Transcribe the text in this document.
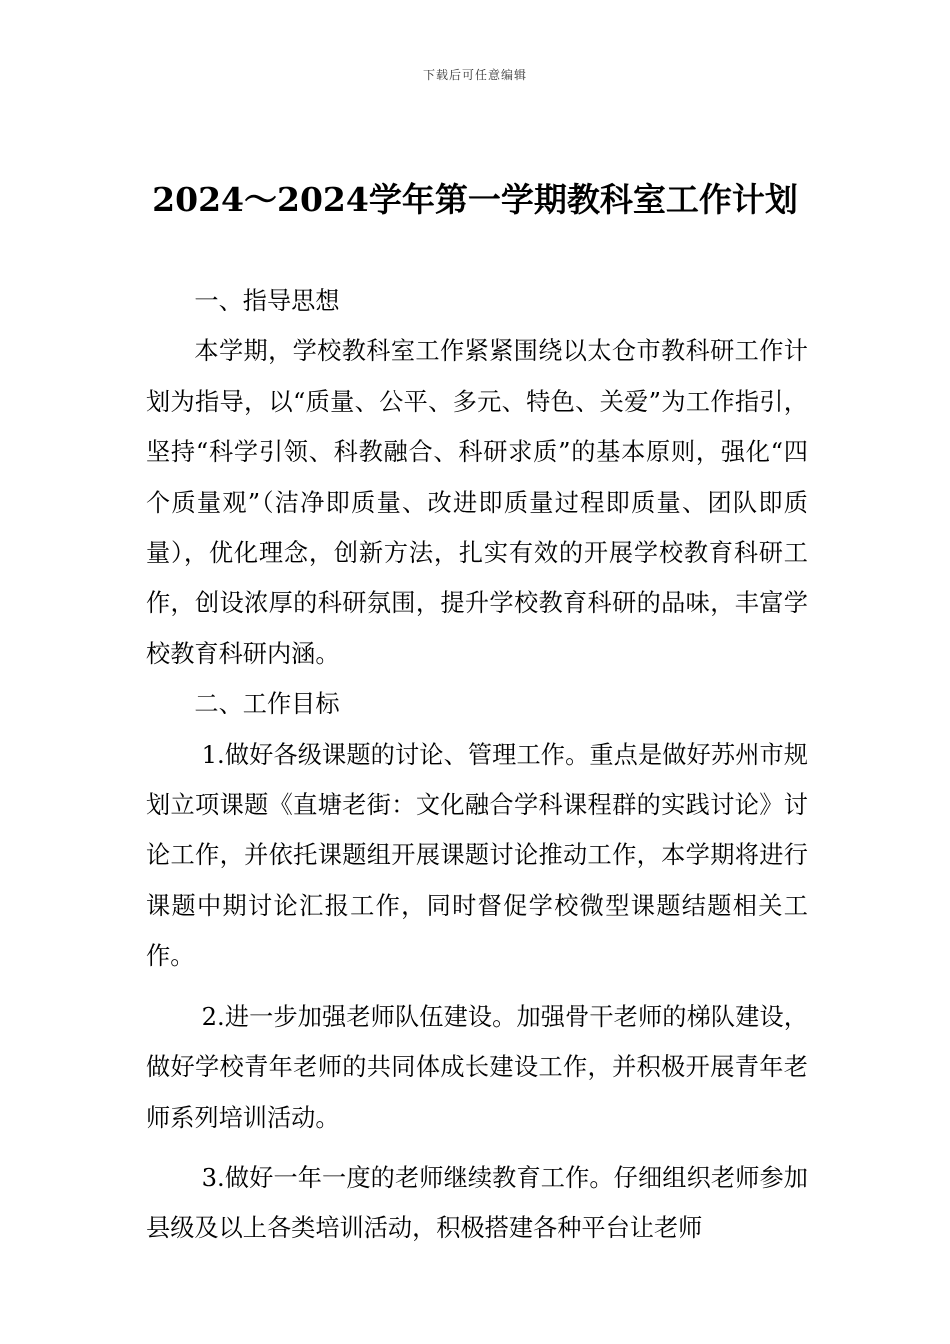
下载后可任意编辑
2024～2024学年第一学期教科室工作计划

一、指导思想

本学期，学校教科室工作紧紧围绕以太仓市教科研工作计划为指导，以“质量、公平、多元、特色、关爱”为工作指引，坚持“科学引领、科教融合、科研求质”的基本原则，强化“四个质量观”（洁净即质量、改进即质量过程即质量、团队即质量），优化理念，创新方法，扎实有效的开展学校教育科研工作，创设浓厚的科研氛围，提升学校教育科研的品味，丰富学校教育科研内涵。

二、工作目标

1.做好各级课题的讨论、管理工作。重点是做好苏州市规划立项课题《直塘老街：文化融合学科课程群的实践讨论》讨论工作，并依托课题组开展课题讨论推动工作，本学期将进行课题中期讨论汇报工作，同时督促学校微型课题结题相关工作。

2.进一步加强老师队伍建设。加强骨干老师的梯队建设，做好学校青年老师的共同体成长建设工作，并积极开展青年老师系列培训活动。

3.做好一年一度的老师继续教育工作。仔细组织老师参加县级及以上各类培训活动，积极搭建各种平台让老师
